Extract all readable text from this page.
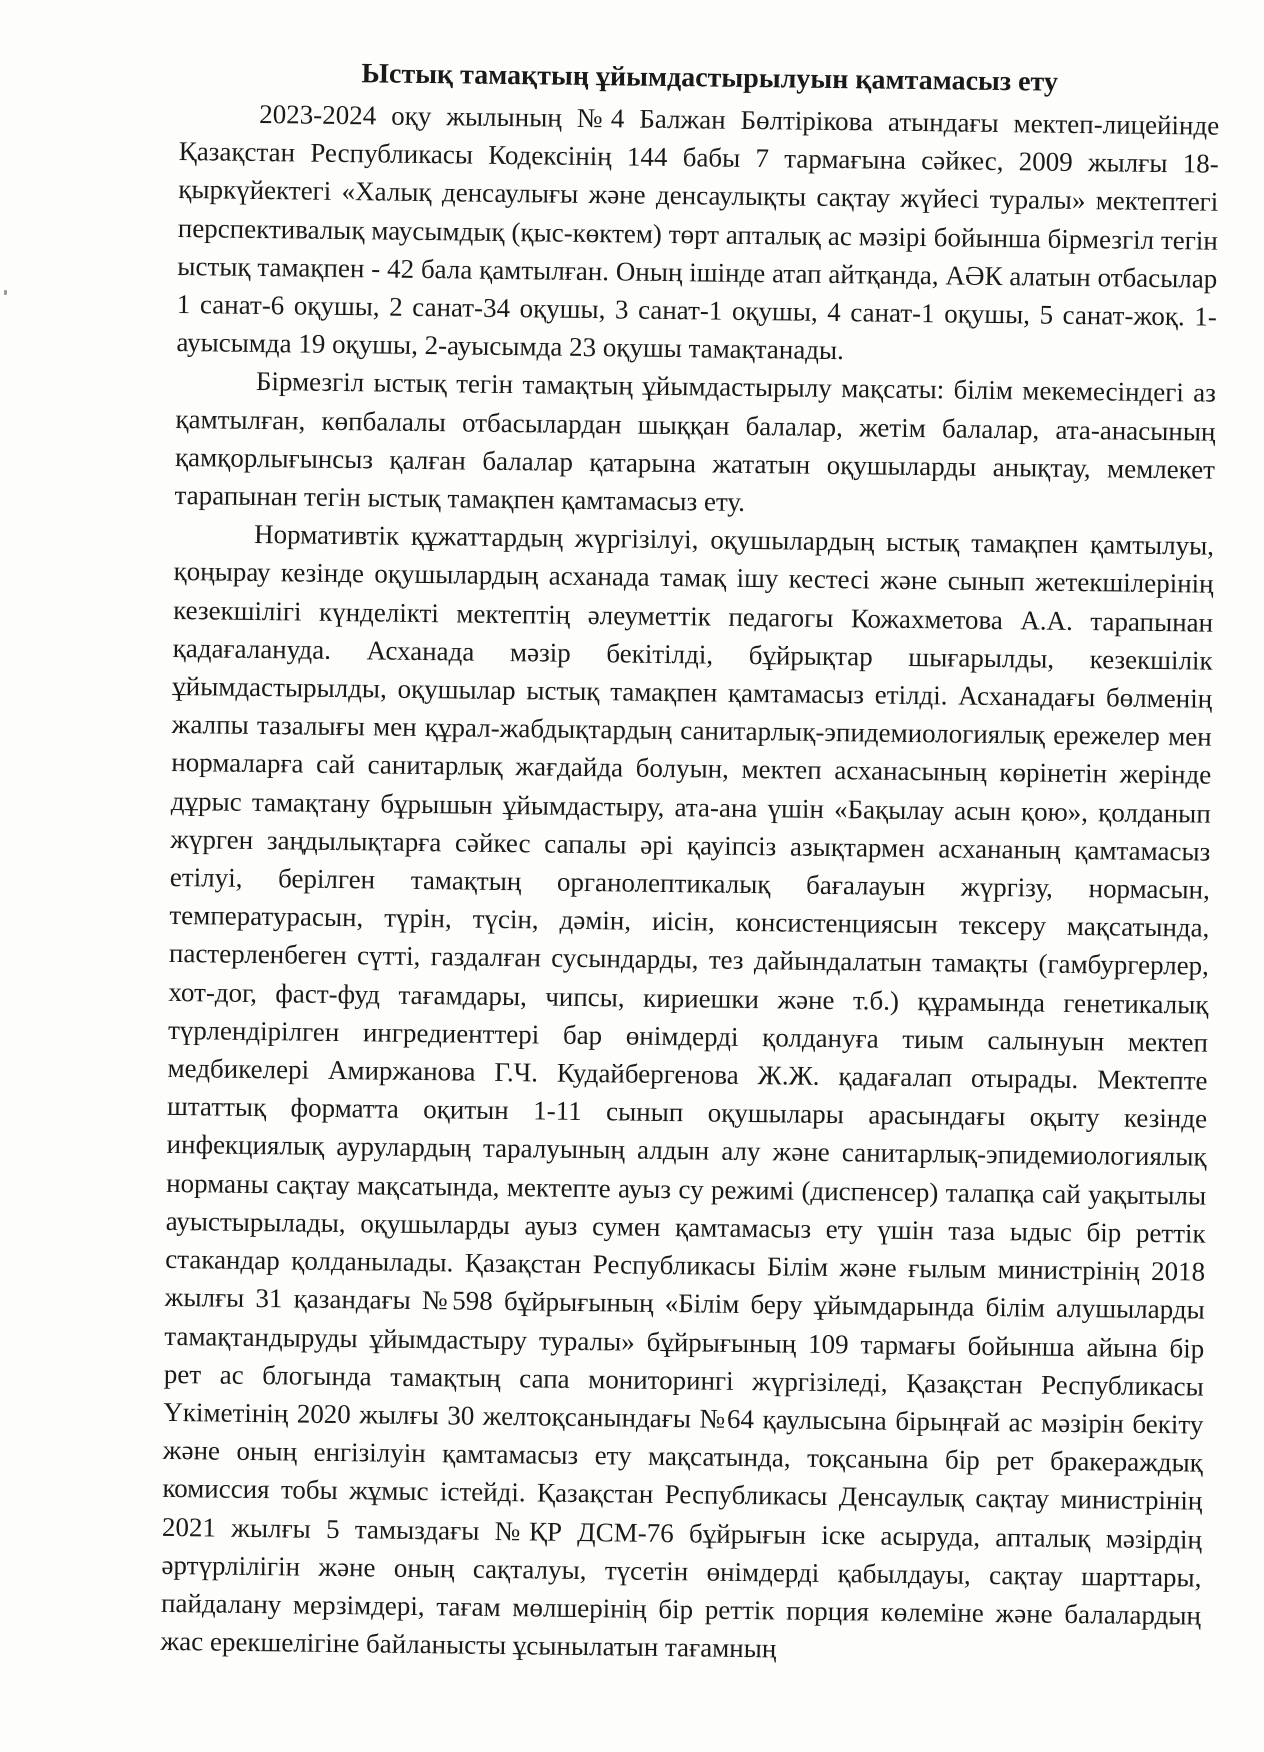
Ыстық тамақтың ұйымдастырылуын қамтамасыз ету

2023-2024 оқу жылының №4 Балжан Бөлтірікова атындағы мектеп-лицейінде Қазақстан Республикасы Кодексінің 144 бабы 7 тармағына сәйкес, 2009 жылғы 18-қыркүйектегі «Халық денсаулығы және денсаулықты сақтау жүйесі туралы» мектептегі перспективалық маусымдық (қыс-көктем) төрт апталық ас мәзірі бойынша бірмезгіл тегін ыстық тамақпен - 42 бала қамтылған. Оның ішінде атап айтқанда, АӘК алатын отбасылар 1 санат-6 оқушы, 2 санат-34 оқушы, 3 санат-1 оқушы, 4 санат-1 оқушы, 5 санат-жоқ. 1-ауысымда 19 оқушы, 2-ауысымда 23 оқушы тамақтанады.

Бірмезгіл ыстық тегін тамақтың ұйымдастырылу мақсаты: білім мекемесіндегі аз қамтылған, көпбалалы отбасылардан шыққан балалар, жетім балалар, ата-анасының қамқорлығынсыз қалған балалар қатарына жататын оқушыларды анықтау, мемлекет тарапынан тегін ыстық тамақпен қамтамасыз ету.

Нормативтік құжаттардың жүргізілуі, оқушылардың ыстық тамақпен қамтылуы, қоңырау кезінде оқушылардың асханада тамақ ішу кестесі және сынып жетекшілерінің кезекшілігі күнделікті мектептің әлеуметтік педагогы Кожахметова А.А. тарапынан қадағалануда. Асханада мәзір бекітілді, бұйрықтар шығарылды, кезекшілік ұйымдастырылды, оқушылар ыстық тамақпен қамтамасыз етілді. Асханадағы бөлменің жалпы тазалығы мен құрал-жабдықтардың санитарлық-эпидемиологиялық ережелер мен нормаларға сай санитарлық жағдайда болуын, мектеп асханасының көрінетін жерінде дұрыс тамақтану бұрышын ұйымдастыру, ата-ана үшін «Бақылау асын қою», қолданып жүрген заңдылықтарға сәйкес сапалы әрі қауіпсіз азықтармен асхананың қамтамасыз етілуі, берілген тамақтың органолептикалық бағалауын жүргізу, нормасын, температурасын, түрін, түсін, дәмін, иісін, консистенциясын тексеру мақсатында, пастерленбеген сүтті, газдалған сусындарды, тез дайындалатын тамақты (гамбургерлер, хот-дог, фаст-фуд тағамдары, чипсы, кириешки және т.б.) құрамында генетикалық түрлендірілген ингредиенттері бар өнімдерді қолдануға тиым салынуын мектеп медбикелері Амиржанова Г.Ч. Кудайбергенова Ж.Ж. қадағалап отырады. Мектепте штаттық форматта оқитын 1-11 сынып оқушылары арасындағы оқыту кезінде инфекциялық аурулардың таралуының алдын алу және санитарлық-эпидемиологиялық норманы сақтау мақсатында, мектепте ауыз су режимі (диспенсер) талапқа сай уақытылы ауыстырылады, оқушыларды ауыз сумен қамтамасыз ету үшін таза ыдыс бір реттік стакандар қолданылады. Қазақстан Республикасы Білім және ғылым министрінің 2018 жылғы 31 қазандағы №598 бұйрығының «Білім беру ұйымдарында білім алушыларды тамақтандыруды ұйымдастыру туралы» бұйрығының 109 тармағы бойынша айына бір рет ас блогында тамақтың сапа мониторингі жүргізіледі, Қазақстан Республикасы Үкіметінің 2020 жылғы 30 желтоқсанындағы №64 қаулысына бірыңғай ас мәзірін бекіту және оның енгізілуін қамтамасыз ету мақсатында, тоқсанына бір рет бракераждық комиссия тобы жұмыс істейді. Қазақстан Республикасы Денсаулық сақтау министрінің 2021 жылғы 5 тамыздағы №ҚР ДСМ-76 бұйрығын іске асыруда, апталық мәзірдің әртүрлілігін және оның сақталуы, түсетін өнімдерді қабылдауы, сақтау шарттары, пайдалану мерзімдері, тағам мөлшерінің бір реттік порция көлеміне және балалардың жас ерекшелігіне байланысты ұсынылатын тағамның
